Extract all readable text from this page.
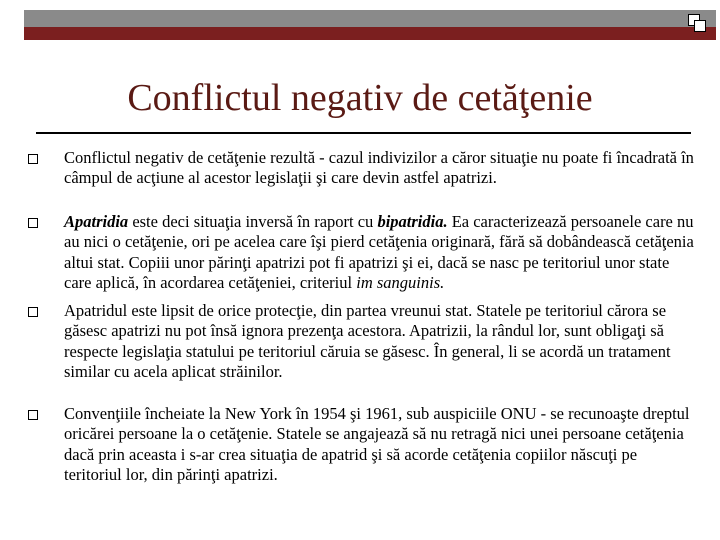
Conflictul negativ de cetăţenie
Conflictul negativ de cetăţenie rezultă - cazul indivizilor a căror situaţie nu poate fi încadrată în câmpul de acţiune al acestor legislaţii şi care devin astfel apatrizi.
Apatridia este deci situaţia inversă în raport cu bipatridia. Ea caracterizează persoanele care nu au nici o cetăţenie, ori pe acelea care îşi pierd cetăţenia originară, fără să dobândească cetăţenia altui stat. Copiii unor părinţi apatrizi pot fi apatrizi şi ei, dacă se nasc pe teritoriul unor state care aplică, în acordarea cetăţeniei, criteriul im sanguinis.
Apatridul este lipsit de orice protecţie, din partea vreunui stat. Statele pe teritoriul cărora se găsesc apatrizi nu pot însă ignora prezenţa acestora. Apatrizii, la rândul lor, sunt obligaţi să respecte legislaţia statului pe teritoriul căruia se găsesc. În general, li se acordă un tratament similar cu acela aplicat străinilor.
Convenţiile încheiate la New York în 1954 şi 1961, sub auspiciile ONU - se recunoaşte dreptul oricărei persoane la o cetăţenie. Statele se angajează să nu retragă nici unei persoane cetăţenia dacă prin aceasta i s-ar crea situaţia de apatrid şi să acorde cetăţenia copiilor născuţi pe teritoriul lor, din părinţi apatrizi.
